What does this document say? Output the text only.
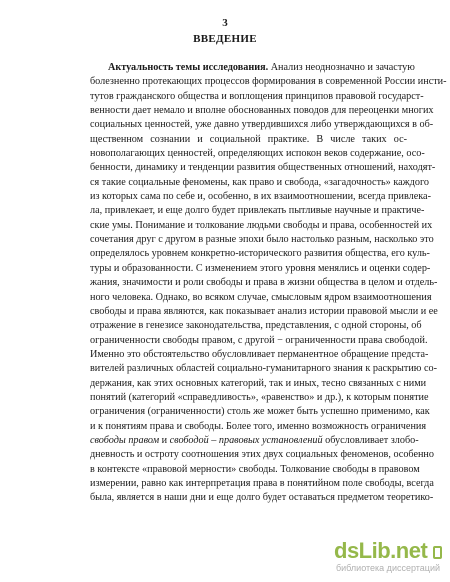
3
ВВЕДЕНИЕ
Актуальность темы исследования. Анализ неоднозначно и зачастую
болезненно протекающих процессов формирования в современной России инсти-
тутов гражданского общества и воплощения принципов правовой государст-
венности дает немало и вполне обоснованных поводов для переоценки многих
социальных ценностей, уже давно утвердившихся либо утверждающихся в об-
щественном сознании и социальной практике. В числе таких ос-
новополагающих ценностей, определяющих испокон веков содержание, осо-
бенности, динамику и тенденции развития общественных отношений, находят-
ся такие социальные феномены, как право и свобода, «загадочность» каждого
из которых сама по себе и, особенно, в их взаимоотношении, всегда привлека-
ла, привлекает, и еще долго будет привлекать пытливые научные и практиче-
ские умы. Понимание и толкование людьми свободы и права, особенностей их
сочетания друг с другом в разные эпохи было настолько разным, насколько это
определялось уровнем конкретно-исторического развития общества, его куль-
туры и образованности. С изменением этого уровня менялись и оценки содер-
жания, значимости и роли свободы и права в жизни общества в целом и отдель-
ного человека. Однако, во всяком случае, смысловым ядром взаимоотношения
свободы и права являются, как показывает анализ истории правовой мысли и ее
отражение в генезисе законодательства, представления, с одной стороны, об
ограниченности свободы правом, с другой − ограниченности права свободой.
Именно это обстоятельство обусловливает перманентное обращение предста-
вителей различных областей социально-гуманитарного знания к раскрытию со-
держания, как этих основных категорий, так и иных, тесно связанных с ними
понятий (категорий «справедливость», «равенство» и др.), к которым понятие
ограничения (ограниченности) столь же может быть успешно применимо, как
и к понятиям права и свободы. Более того, именно возможность ограничения
свободы правом и свободой – правовых установлений обусловливает злобо-
дневность и остроту соотношения этих двух социальных феноменов, особенно
в контексте «правовой мерности» свободы. Толкование свободы в правовом
измерении, равно как интерпретация права в понятийном поле свободы, всегда
была, является в наши дни и еще долго будет оставаться предметом теоретико-
dsLib.net
библиотека диссертаций
